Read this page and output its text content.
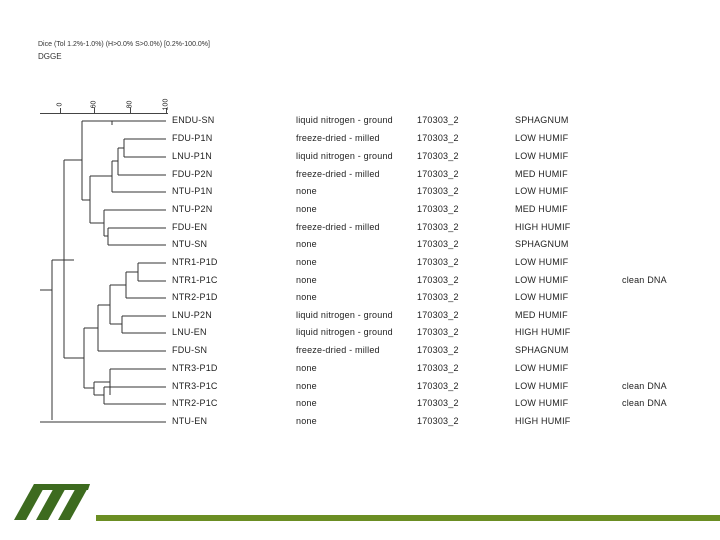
Dice (Tol 1.2%-1.0%) (H>0.0% S>0.0%) [0.2%-100.0%]
DGGE
0	60	80	100
ENDU-SN	liquid nitrogen - ground	170303_2	SPHAGNUM
FDU-P1N	freeze-dried - milled	170303_2	LOW HUMIF
LNU-P1N	liquid nitrogen - ground	170303_2	LOW HUMIF
FDU-P2N	freeze-dried - milled	170303_2	MED HUMIF
NTU-P1N	none	170303_2	LOW HUMIF
NTU-P2N	none	170303_2	MED HUMIF
FDU-EN	freeze-dried - milled	170303_2	HIGH HUMIF
NTU-SN	none	170303_2	SPHAGNUM
NTR1-P1D	none	170303_2	LOW HUMIF
NTR1-P1C	none	170303_2	LOW HUMIF	clean DNA
NTR2-P1D	none	170303_2	LOW HUMIF
LNU-P2N	liquid nitrogen - ground	170303_2	MED HUMIF
LNU-EN	liquid nitrogen - ground	170303_2	HIGH HUMIF
FDU-SN	freeze-dried - milled	170303_2	SPHAGNUM
NTR3-P1D	none	170303_2	LOW HUMIF
NTR3-P1C	none	170303_2	LOW HUMIF	clean DNA
NTR2-P1C	none	170303_2	LOW HUMIF	clean DNA
NTU-EN	none	170303_2	HIGH HUMIF
